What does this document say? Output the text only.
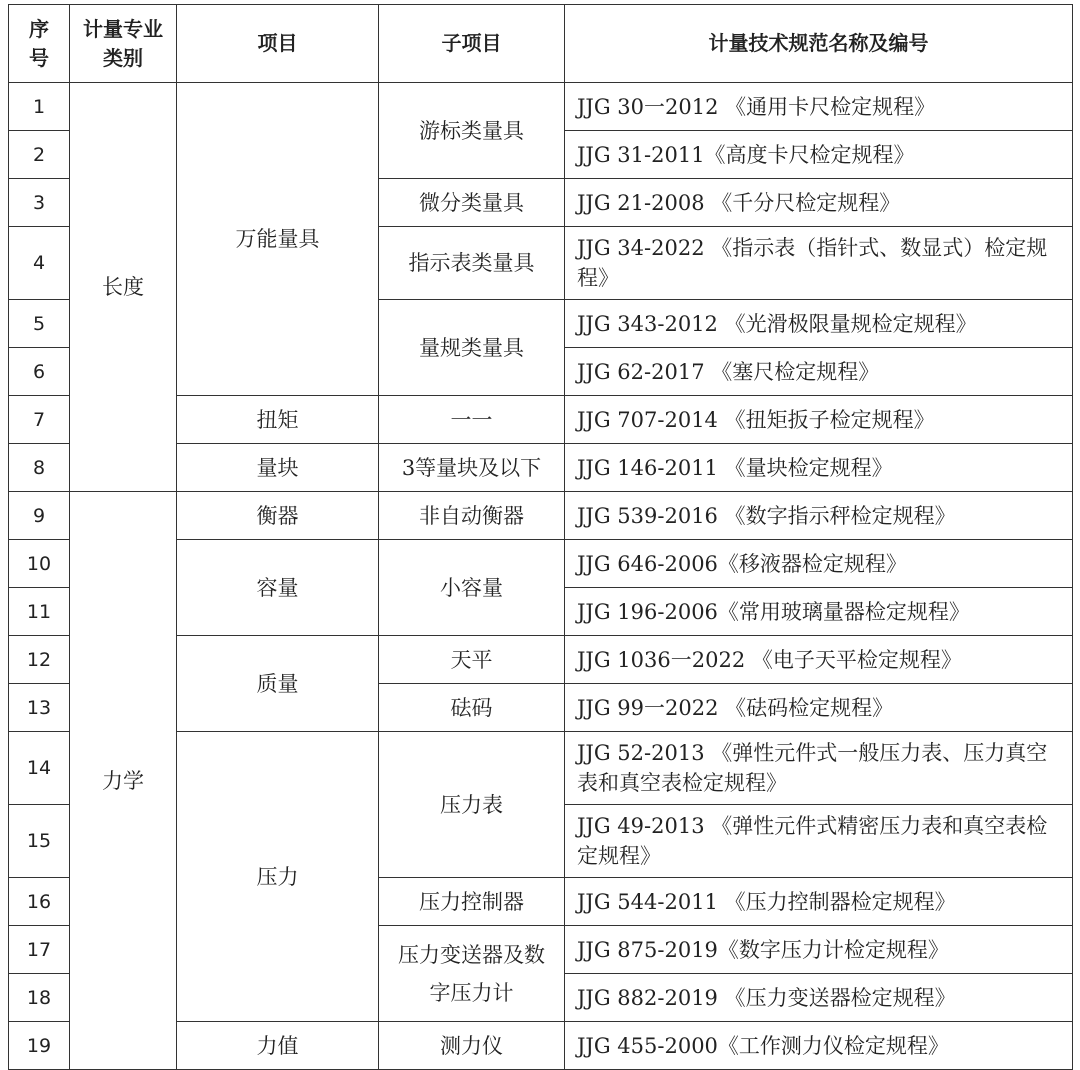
序号	计量专业类别	项目	子项目	计量技术规范名称及编号
1	长度	万能量具	游标类量具	JJG 30一2012 《通用卡尺检定规程》
2				JJG 31-2011《高度卡尺检定规程》
3			微分类量具	JJG 21-2008 《千分尺检定规程》
4			指示表类量具	JJG 34-2022 《指示表（指针式、数显式）检定规程》
5			量规类量具	JJG 343-2012 《光滑极限量规检定规程》
6				JJG 62-2017 《塞尺检定规程》
7		扭矩	一一	JJG 707-2014 《扭矩扳子检定规程》
8		量块	3等量块及以下	JJG 146-2011 《量块检定规程》
9	力学	衡器	非自动衡器	JJG 539-2016 《数字指示秤检定规程》
10		容量	小容量	JJG 646-2006《移液器检定规程》
11				JJG 196-2006《常用玻璃量器检定规程》
12		质量	天平	JJG 1036一2022 《电子天平检定规程》
13			砝码	JJG 99一2022 《砝码检定规程》
14		压力	压力表	JJG 52-2013 《弹性元件式一般压力表、压力真空表和真空表检定规程》
15				JJG 49-2013 《弹性元件式精密压力表和真空表检定规程》
16			压力控制器	JJG 544-2011 《压力控制器检定规程》
17			压力变送器及数字压力计	JJG 875-2019《数字压力计检定规程》
18				JJG 882-2019 《压力变送器检定规程》
19		力值	测力仪	JJG 455-2000《工作测力仪检定规程》
